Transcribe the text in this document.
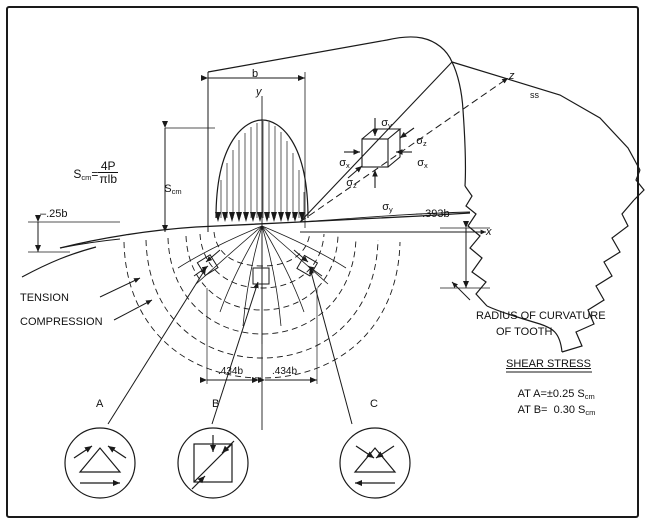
b
y
x
z
ss

$S_{cm}$

–.25b	–.393b
.434b	.434b

$S_{cm}= \frac{4P}{\text{πlb}}$

$\sigma_y$

$\sigma_z$

$\sigma_x$

$\sigma_x$

$\sigma_z$

$\sigma_y$

TENSION
COMPRESSION	RADIUS OF CURVATURE
OF TOOTH
SHEAR STRESS

AT A=±0.25 $S_{cm}$

AT B=  0.30 $S_{cm}$

A	B	C
